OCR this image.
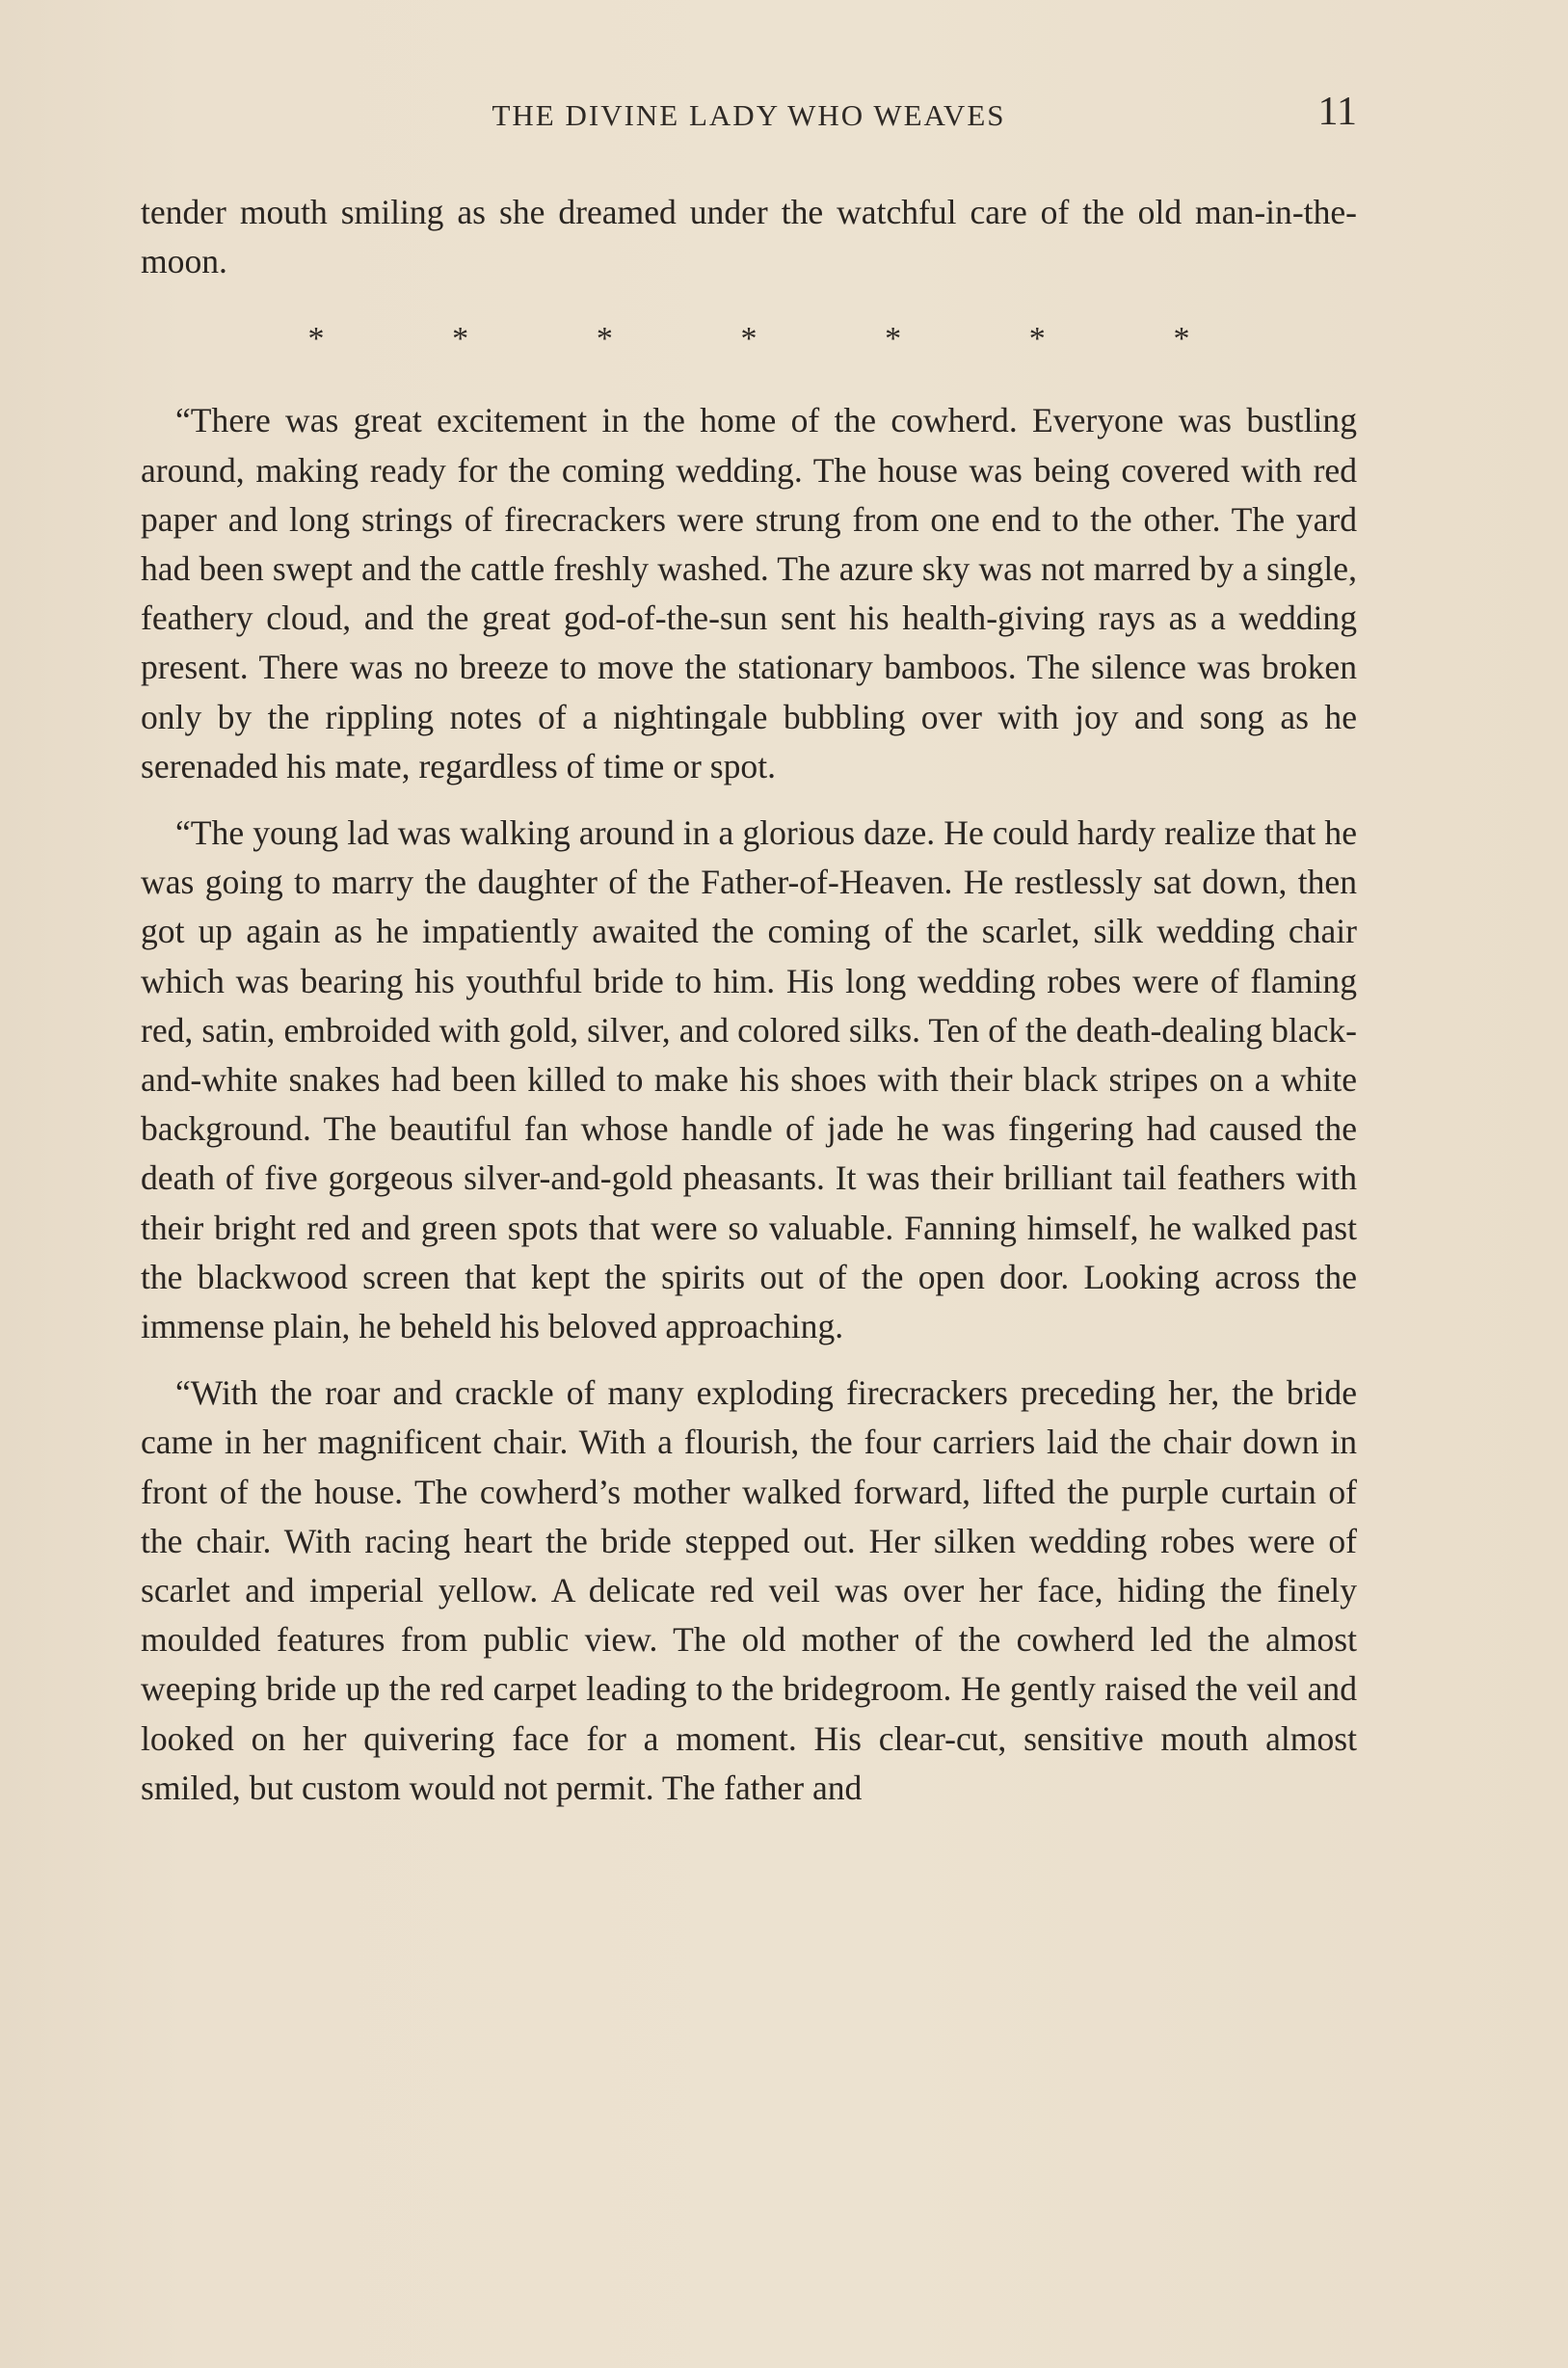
THE DIVINE LADY WHO WEAVES	11

tender mouth smiling as she dreamed under the watchful care of the old man-in-the-moon.

*	*	*	*	*	*	*

“There was great excitement in the home of the cowherd. Everyone was bustling around, making ready for the coming wedding. The house was being covered with red paper and long strings of firecrackers were strung from one end to the other. The yard had been swept and the cattle freshly washed. The azure sky was not marred by a single, feathery cloud, and the great god-of-the-sun sent his health-giving rays as a wedding present. There was no breeze to move the stationary bamboos. The silence was broken only by the rippling notes of a nightingale bubbling over with joy and song as he serenaded his mate, regardless of time or spot.

“The young lad was walking around in a glorious daze. He could hardy realize that he was going to marry the daughter of the Father-of-Heaven. He restlessly sat down, then got up again as he impatiently awaited the coming of the scarlet, silk wedding chair which was bearing his youthful bride to him. His long wedding robes were of flaming red, satin, embroided with gold, silver, and colored silks. Ten of the death-dealing black-and-white snakes had been killed to make his shoes with their black stripes on a white background. The beautiful fan whose handle of jade he was fingering had caused the death of five gorgeous silver-and-gold pheasants. It was their brilliant tail feathers with their bright red and green spots that were so valuable. Fanning himself, he walked past the blackwood screen that kept the spirits out of the open door. Looking across the immense plain, he beheld his beloved approaching.

“With the roar and crackle of many exploding firecrackers preceding her, the bride came in her magnificent chair. With a flourish, the four carriers laid the chair down in front of the house. The cowherd’s mother walked forward, lifted the purple curtain of the chair. With racing heart the bride stepped out. Her silken wedding robes were of scarlet and imperial yellow. A delicate red veil was over her face, hiding the finely moulded features from public view. The old mother of the cowherd led the almost weeping bride up the red carpet leading to the bridegroom. He gently raised the veil and looked on her quivering face for a moment. His clear-cut, sensitive mouth almost smiled, but custom would not permit. The father and
